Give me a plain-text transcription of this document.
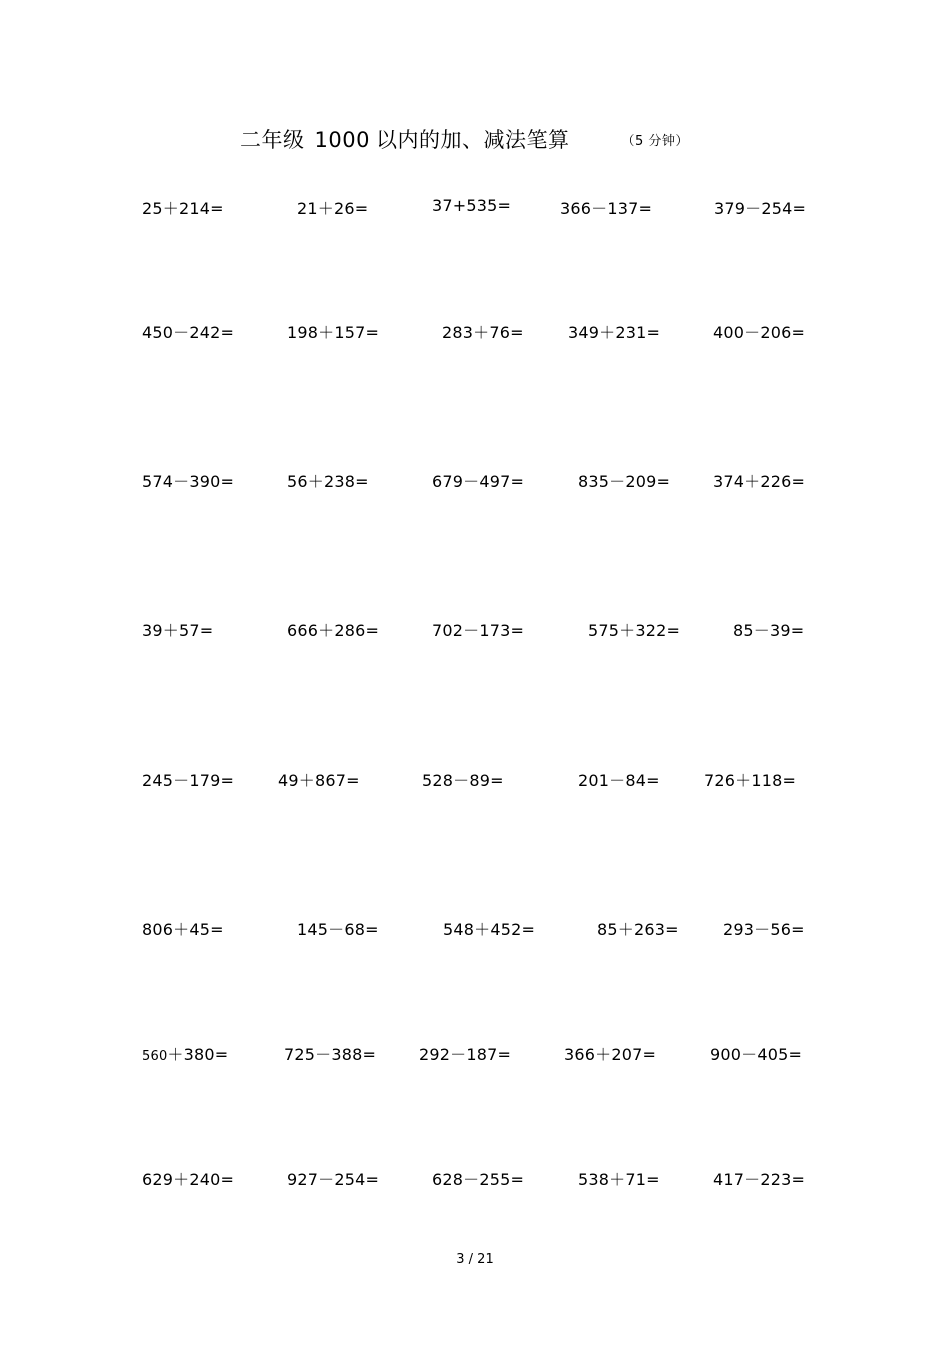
二年级 1000 以内的加、减法笔算	（5 分钟）
25＋214=	21＋26=	37+535=	366－137=	379－254=
450－242=	198＋157=	283＋76=	349＋231=	400－206=
574－390=	56＋238=	679－497=	835－209=	374＋226=
39＋57=	666＋286=	702－173=	575＋322=	85－39=
245－179=	49＋867=	528－89=	201－84=	726＋118=
806＋45=	145－68=	548＋452=	85＋263=	293－56=
560＋380=	725－388=	292－187=	366＋207=	900－405=
629＋240=	927－254=	628－255=	538＋71=	417－223=
3 / 21
